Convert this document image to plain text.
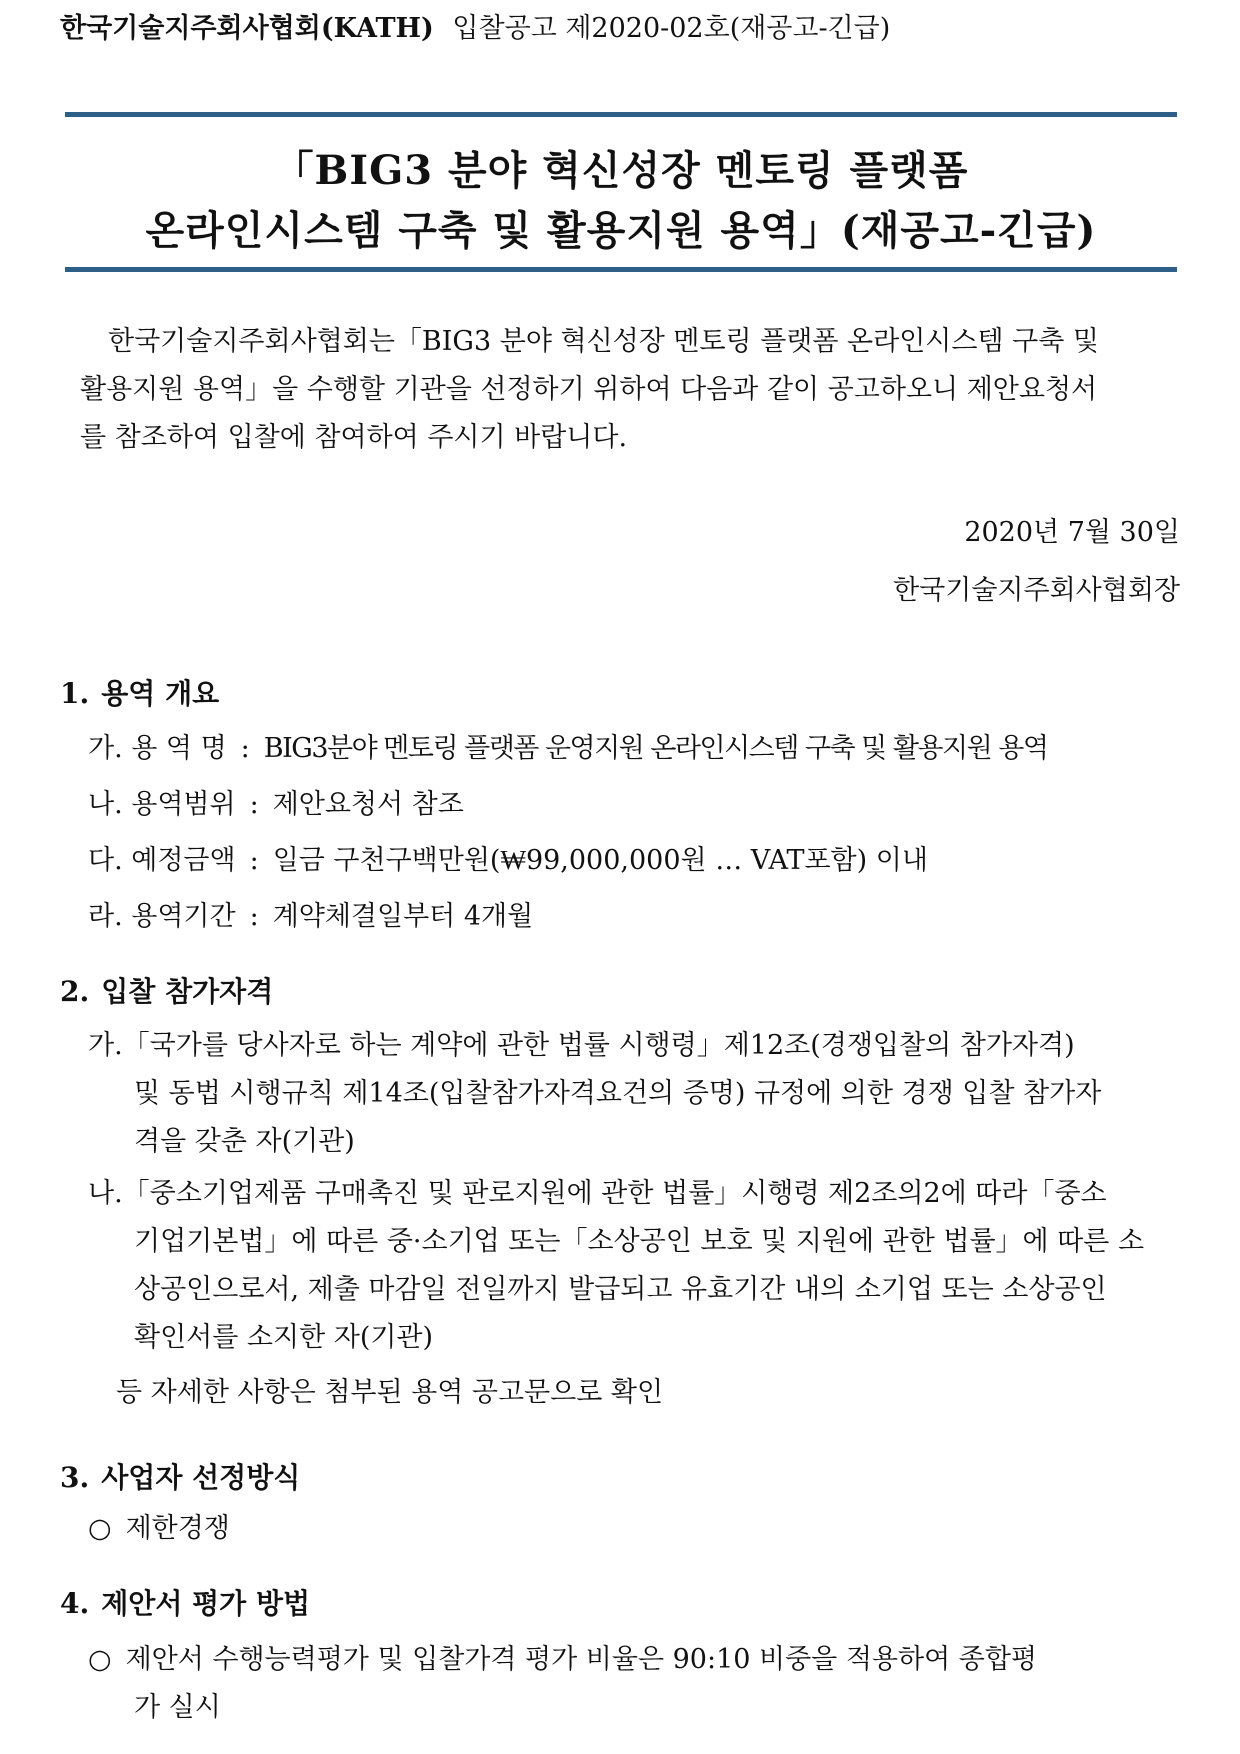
한국기술지주회사협회(KATH) 입찰공고 제2020-02호(재공고-긴급)
「BIG3 분야 혁신성장 멘토링 플랫폼
온라인시스템 구축 및 활용지원 용역」(재공고-긴급)
한국기술지주회사협회는「BIG3 분야 혁신성장 멘토링 플랫폼 온라인시스템 구축 및
활용지원 용역」을 수행할 기관을 선정하기 위하여 다음과 같이 공고하오니 제안요청서
를 참조하여 입찰에 참여하여 주시기 바랍니다.
2020년 7월 30일
한국기술지주회사협회장
1. 용역 개요
가. 용 역 명 : BIG3분야 멘토링 플랫폼 운영지원 온라인시스템 구축 및 활용지원 용역
나. 용역범위 : 제안요청서 참조
다. 예정금액 : 일금 구천구백만원(₩99,000,000원 … VAT포함) 이내
라. 용역기간 : 계약체결일부터 4개월
2. 입찰 참가자격
가.「국가를 당사자로 하는 계약에 관한 법률 시행령」제12조(경쟁입찰의 참가자격)
및 동법 시행규칙 제14조(입찰참가자격요건의 증명) 규정에 의한 경쟁 입찰 참가자
격을 갖춘 자(기관)
나.「중소기업제품 구매촉진 및 판로지원에 관한 법률」시행령 제2조의2에 따라「중소
기업기본법」에 따른 중·소기업 또는「소상공인 보호 및 지원에 관한 법률」에 따른 소
상공인으로서, 제출 마감일 전일까지 발급되고 유효기간 내의 소기업 또는 소상공인
확인서를 소지한 자(기관)
등 자세한 사항은 첨부된 용역 공고문으로 확인
3. 사업자 선정방식
○ 제한경쟁
4. 제안서 평가 방법
○ 제안서 수행능력평가 및 입찰가격 평가 비율은 90:10 비중을 적용하여 종합평
가 실시
